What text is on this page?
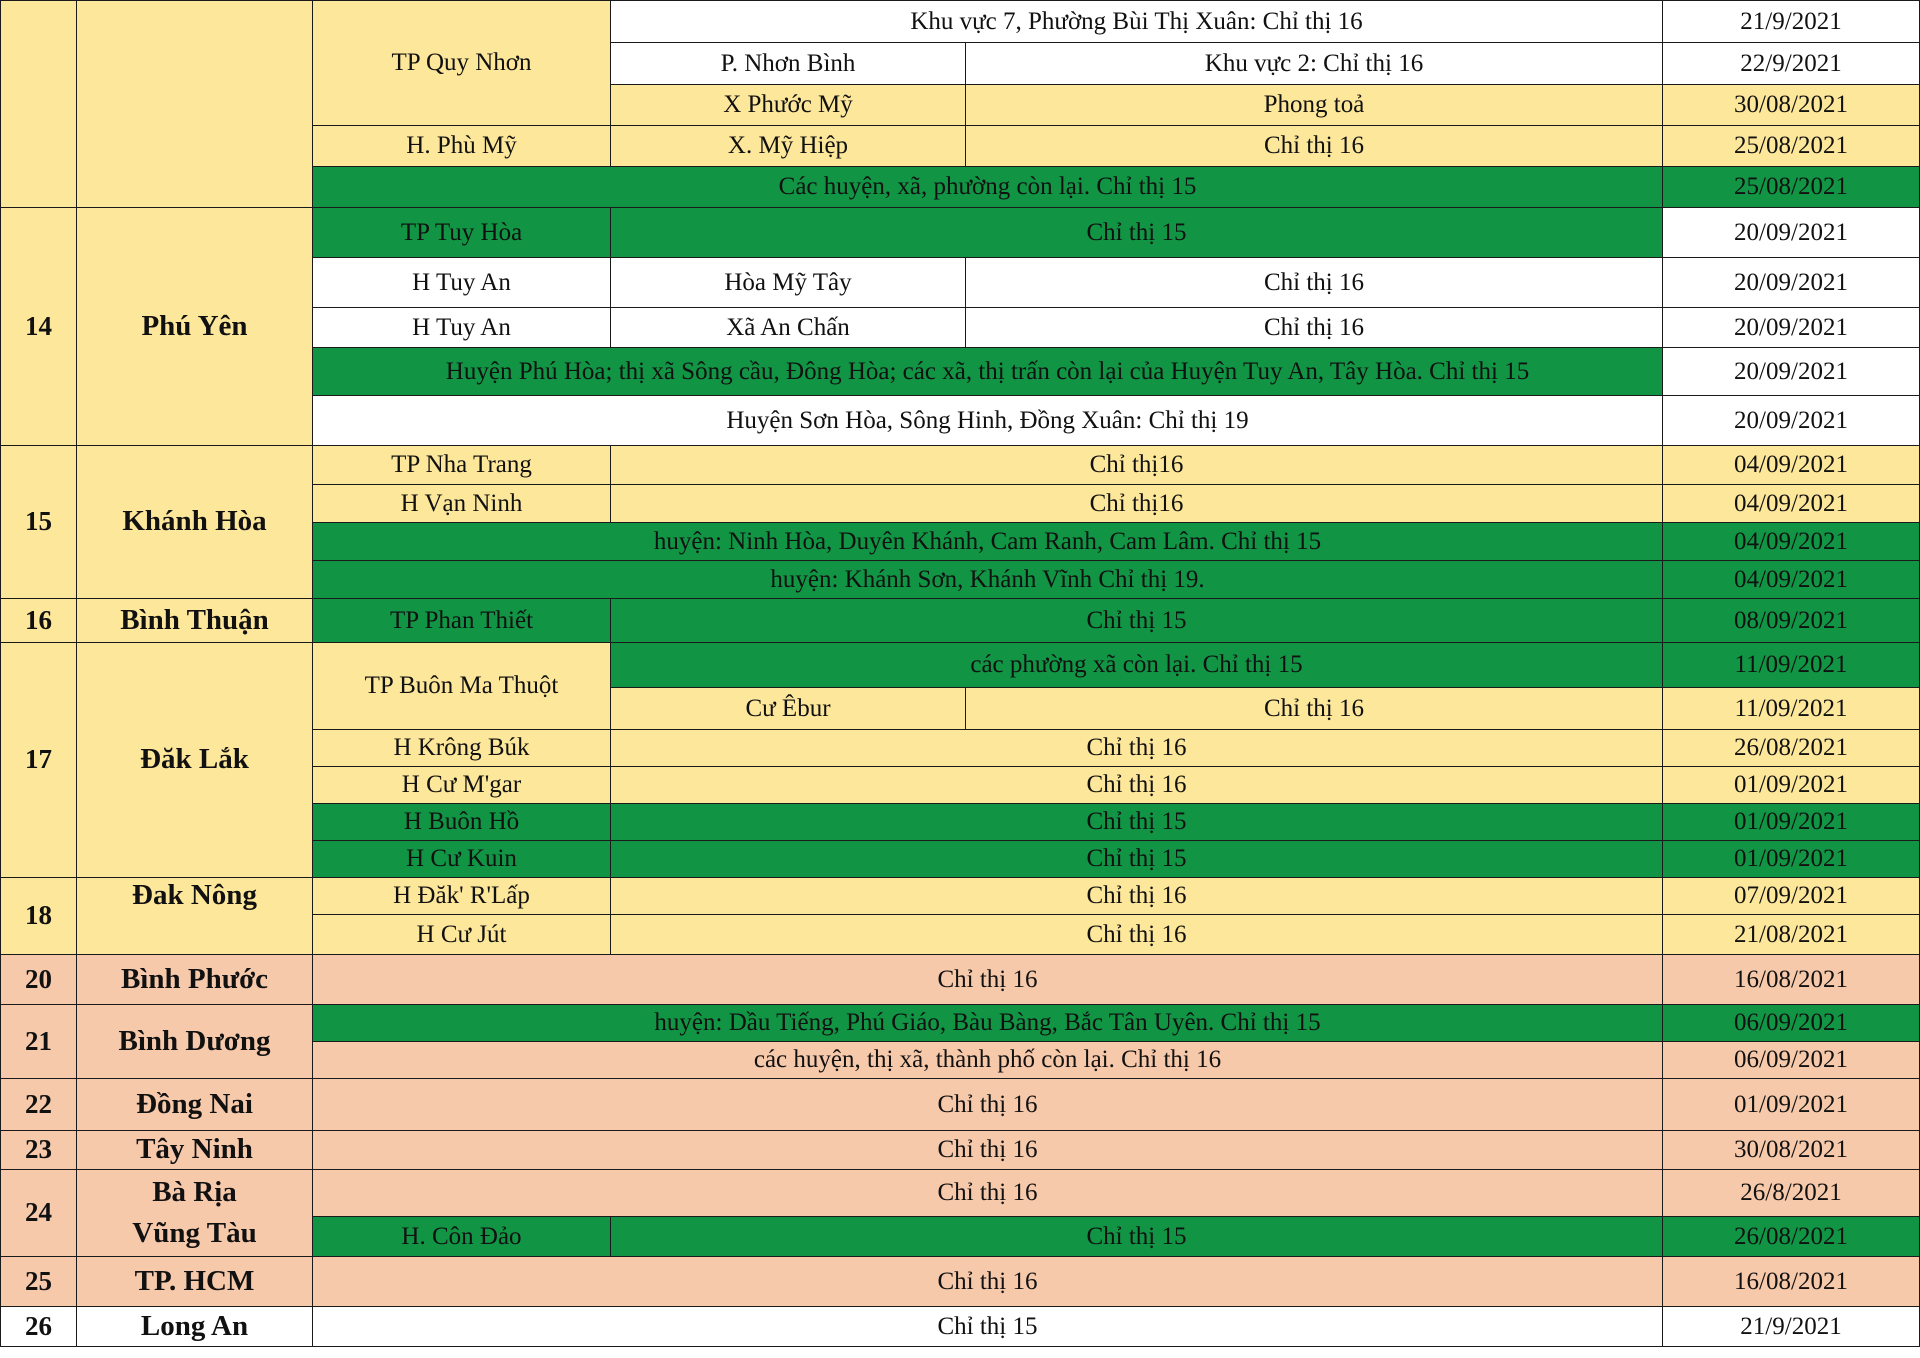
		TP Quy Nhơn	Khu vực 7, Phường Bùi Thị Xuân: Chỉ thị 16		21/9/2021
			P. Nhơn Bình	Khu vực 2: Chỉ thị 16	22/9/2021
			X Phước Mỹ	Phong toả	30/08/2021
		H. Phù Mỹ	X. Mỹ Hiệp	Chỉ thị 16	25/08/2021
		Các huyện, xã, phường còn lại. Chỉ thị 15			25/08/2021
14	Phú Yên	TP Tuy Hòa	Chỉ thị 15		20/09/2021
		H Tuy An	Hòa Mỹ Tây	Chỉ thị 16	20/09/2021
		H Tuy An	Xã An Chấn	Chỉ thị 16	20/09/2021
		Huyện Phú Hòa; thị xã Sông cầu, Đông Hòa; các xã, thị trấn còn lại của Huyện Tuy An, Tây Hòa. Chỉ thị 15			20/09/2021
		Huyện Sơn Hòa, Sông Hinh, Đồng Xuân: Chỉ thị 19			20/09/2021
15	Khánh Hòa	TP Nha Trang	Chỉ thị16		04/09/2021
		H Vạn Ninh	Chỉ thị16		04/09/2021
		huyện: Ninh Hòa, Duyên Khánh, Cam Ranh, Cam Lâm. Chỉ thị 15			04/09/2021
		huyện: Khánh Sơn, Khánh Vĩnh Chỉ thị 19.			04/09/2021
16	Bình Thuận	TP Phan Thiết	Chỉ thị 15		08/09/2021
17	Đăk Lắk	TP Buôn Ma Thuột	các phường xã còn lại. Chỉ thị 15		11/09/2021
			Cư Êbur	Chỉ thị 16	11/09/2021
		H Krông Búk	Chỉ thị 16		26/08/2021
		H Cư M'gar	Chỉ thị 16		01/09/2021
		H Buôn Hồ	Chỉ thị 15		01/09/2021
		H Cư Kuin	Chỉ thị 15		01/09/2021
18	Đak Nông	H Đăk' R'Lấp	Chỉ thị 16		07/09/2021
		H Cư Jút	Chỉ thị 16		21/08/2021
20	Bình Phước	Chỉ thị 16			16/08/2021
21	Bình Dương	huyện: Dầu Tiếng, Phú Giáo, Bàu Bàng, Bắc Tân Uyên. Chỉ thị 15			06/09/2021
		các huyện, thị xã, thành phố còn lại. Chỉ thị 16			06/09/2021
22	Đồng Nai	Chỉ thị 16			01/09/2021
23	Tây Ninh	Chỉ thị 16			30/08/2021
24	Bà Rịa
Vũng Tàu	Chỉ thị 16			26/8/2021
		H. Côn Đảo	Chỉ thị 15		26/08/2021
25	TP. HCM	Chỉ thị 16			16/08/2021
26	Long An	Chỉ thị 15			21/9/2021
